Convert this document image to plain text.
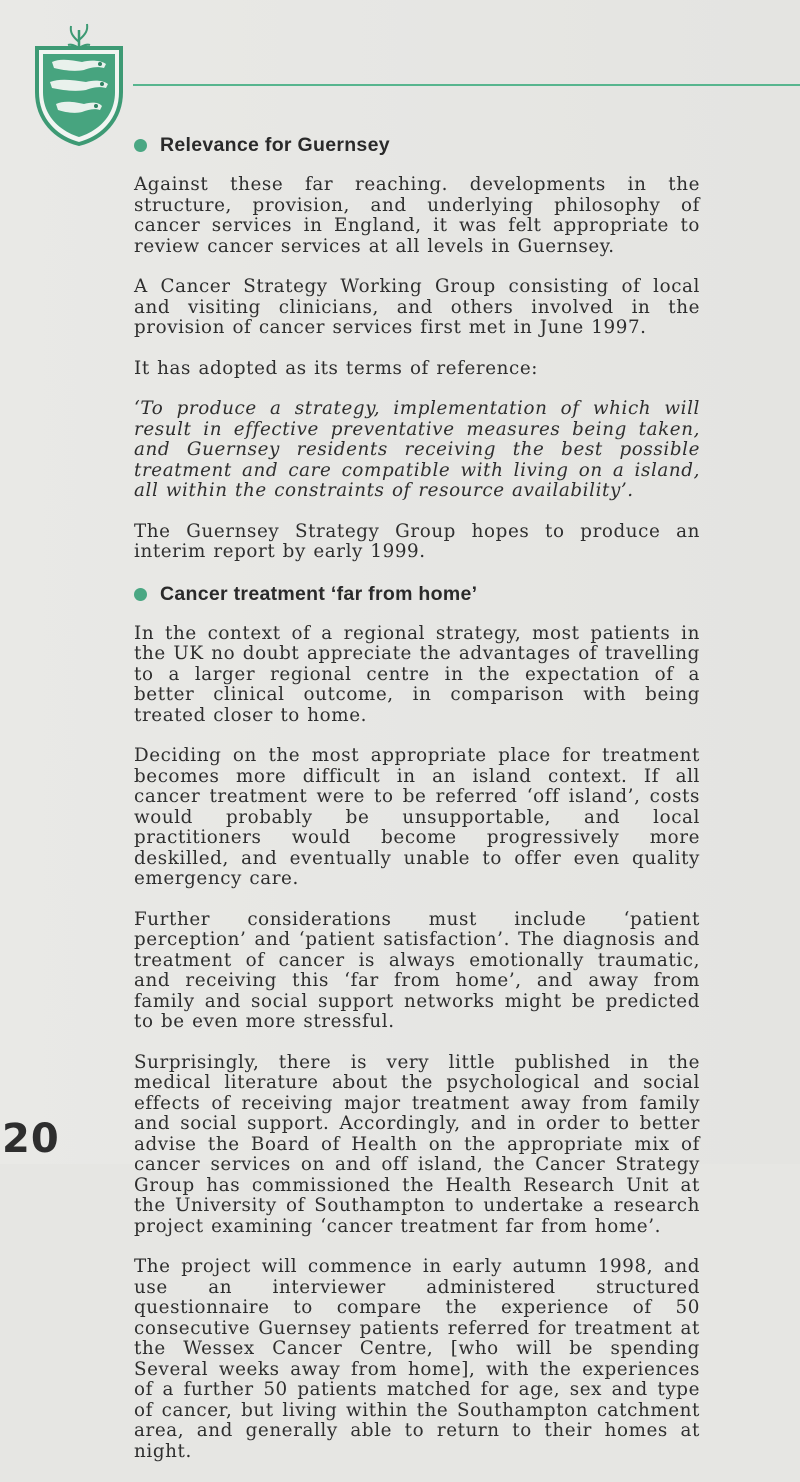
Relevance for Guernsey

Against these far reaching. developments in the structure, provision, and underlying philosophy of cancer services in England, it was felt appropriate to review cancer services at all levels in Guernsey.

A Cancer Strategy Working Group consisting of local and visiting clinicians, and others involved in the provision of cancer services first met in June 1997.

It has adopted as its terms of reference:

‘To produce a strategy, implementation of which will result in effective preventative measures being taken, and Guernsey residents receiving the best possible treatment and care compatible with living on a island, all within the constraints of resource availability’.

The Guernsey Strategy Group hopes to produce an interim report by early 1999.

Cancer treatment ‘far from home’

In the context of a regional strategy, most patients in the UK no doubt appreciate the advantages of travelling to a larger regional centre in the expectation of a better clinical outcome, in comparison with being treated closer to home.

Deciding on the most appropriate place for treatment becomes more difficult in an island context. If all cancer treatment were to be referred ‘off island’, costs would probably be unsupportable, and local practitioners would become progressively more deskilled, and eventually unable to offer even quality emergency care.

Further considerations must include ‘patient perception’ and ‘patient satisfaction’. The diagnosis and treatment of cancer is always emotionally traumatic, and receiving this ‘far from home’, and away from family and social support networks might be predicted to be even more stressful.

Surprisingly, there is very little published in the medical literature about the psychological and social effects of receiving major treatment away from family and social support. Accordingly, and in order to better advise the Board of Health on the appropriate mix of cancer services on and off island, the Cancer Strategy Group has commissioned the Health Research Unit at the University of Southampton to undertake a research project examining ‘cancer treatment far from home’.

The project will commence in early autumn 1998, and use an interviewer administered structured questionnaire to compare the experience of 50 consecutive Guernsey patients referred for treatment at the Wessex Cancer Centre, [who will be spending Several weeks away from home], with the experiences of a further 50 patients matched for age, sex and type of cancer, but living within the Southampton catchment area, and generally able to return to their homes at night.

20
